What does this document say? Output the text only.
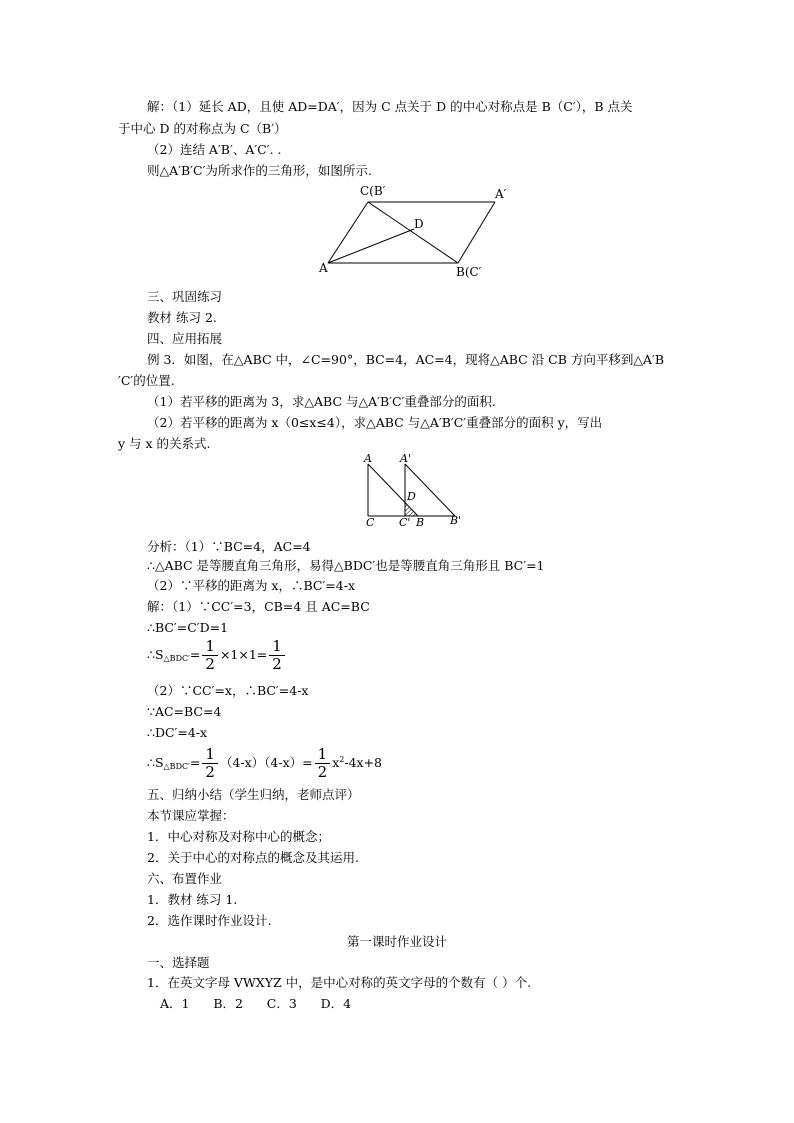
解：（1）延长 AD，且使 AD=DA′，因为 C 点关于 D 的中心对称点是 B（C′），B 点关
于中心 D 的对称点为 C（B′）
（2）连结 A′B′、A′C′. .
则△A′B′C′为所求作的三角形，如图所示.
C(B′	A′
D
A	B(C′
三、巩固练习
教材 练习 2.
四、应用拓展
例 3．如图，在△ABC 中，∠C=90°，BC=4，AC=4，现将△ABC 沿 CB 方向平移到△A′B
′C′的位置.
（1）若平移的距离为 3，求△ABC 与△A′B′C′重叠部分的面积.
（2）若平移的距离为 x（0≤x≤4），求△ABC 与△A′B′C′重叠部分的面积 y，写出
y 与 x 的关系式.
A	A'
D
C C' B B'
分析：（1）∵BC=4，AC=4
∴△ABC 是等腰直角三角形，易得△BDC′也是等腰直角三角形且 BC′=1
（2）∵平移的距离为 x，∴BC′=4-x
解：（1）∵CC′=3，CB=4 且 AC=BC
∴BC′=C′D=1
$\therefore S_{\triangle BDC'}= \frac{1}{2} \times 1\times 1= \frac{1}{2}$
（2）∵CC′=x，∴BC′=4-x
∵AC=BC=4
∴DC′=4-x
$\therefore S_{\triangle BDC'}= \frac{1}{2} (4-x)(4-x)= \frac{1}{2} x^2-4x+8$
五、归纳小结（学生归纳，老师点评）
本节课应掌握：
1．中心对称及对称中心的概念；
2．关于中心的对称点的概念及其运用.
六、布置作业
1．教材 练习 1.
2．选作课时作业设计.
第一课时作业设计
一、选择题
1．在英文字母 VWXYZ 中，是中心对称的英文字母的个数有（ ）个.
A．1      B．2      C．3      D．4
